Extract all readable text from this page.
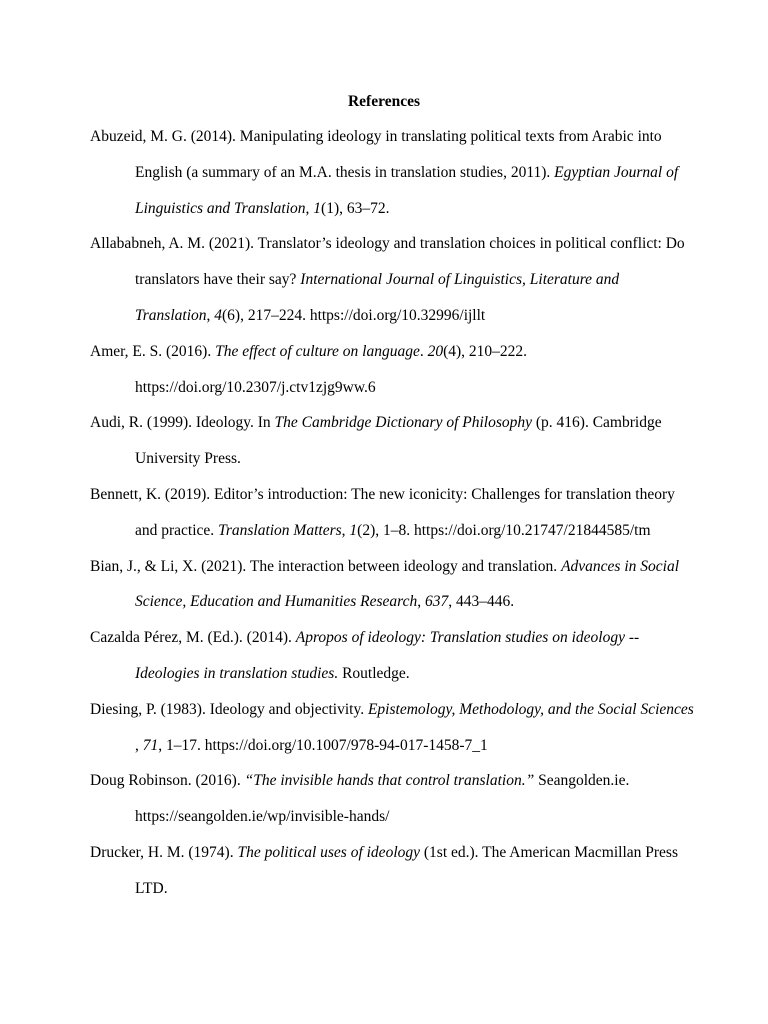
References
Abuzeid, M. G. (2014). Manipulating ideology in translating political texts from Arabic into
English (a summary of an M.A. thesis in translation studies, 2011). Egyptian Journal of
Linguistics and Translation, 1(1), 63–72.
Allababneh, A. M. (2021). Translator’s ideology and translation choices in political conflict: Do
translators have their say? International Journal of Linguistics, Literature and
Translation, 4(6), 217–224. https://doi.org/10.32996/ijllt
Amer, E. S. (2016). The effect of culture on language. 20(4), 210–222.
https://doi.org/10.2307/j.ctv1zjg9ww.6
Audi, R. (1999). Ideology. In The Cambridge Dictionary of Philosophy (p. 416). Cambridge
University Press.
Bennett, K. (2019). Editor’s introduction: The new iconicity: Challenges for translation theory
and practice. Translation Matters, 1(2), 1–8. https://doi.org/10.21747/21844585/tm
Bian, J., & Li, X. (2021). The interaction between ideology and translation. Advances in Social
Science, Education and Humanities Research, 637, 443–446.
Cazalda Pérez, M. (Ed.). (2014). Apropos of ideology: Translation studies on ideology --
Ideologies in translation studies. Routledge.
Diesing, P. (1983). Ideology and objectivity. Epistemology, Methodology, and the Social Sciences
, 71, 1–17. https://doi.org/10.1007/978-94-017-1458-7_1
Doug Robinson. (2016). “The invisible hands that control translation.” Seangolden.ie.
https://seangolden.ie/wp/invisible-hands/
Drucker, H. M. (1974). The political uses of ideology (1st ed.). The American Macmillan Press
LTD.
